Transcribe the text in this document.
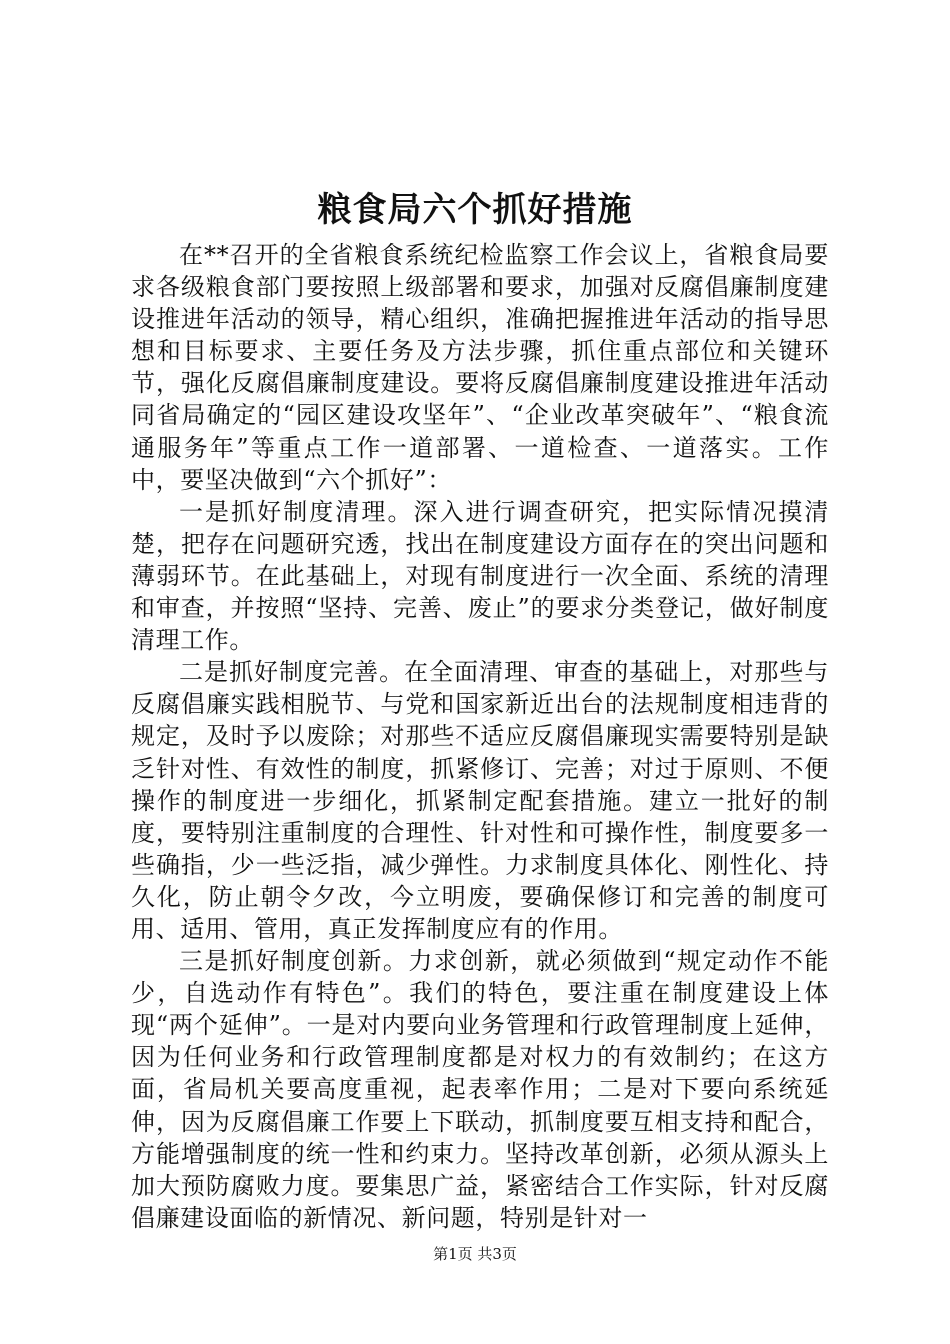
粮食局六个抓好措施

在**召开的全省粮食系统纪检监察工作会议上，省粮食局要求各级粮食部门要按照上级部署和要求，加强对反腐倡廉制度建设推进年活动的领导，精心组织，准确把握推进年活动的指导思想和目标要求、主要任务及方法步骤，抓住重点部位和关键环节，强化反腐倡廉制度建设。要将反腐倡廉制度建设推进年活动同省局确定的“园区建设攻坚年”、“企业改革突破年”、“粮食流通服务年”等重点工作一道部署、一道检查、一道落实。工作中，要坚决做到“六个抓好”：

一是抓好制度清理。深入进行调查研究，把实际情况摸清楚，把存在问题研究透，找出在制度建设方面存在的突出问题和薄弱环节。在此基础上，对现有制度进行一次全面、系统的清理和审查，并按照“坚持、完善、废止”的要求分类登记，做好制度清理工作。

二是抓好制度完善。在全面清理、审查的基础上，对那些与反腐倡廉实践相脱节、与党和国家新近出台的法规制度相违背的规定，及时予以废除；对那些不适应反腐倡廉现实需要特别是缺乏针对性、有效性的制度，抓紧修订、完善；对过于原则、不便操作的制度进一步细化，抓紧制定配套措施。建立一批好的制度，要特别注重制度的合理性、针对性和可操作性，制度要多一些确指，少一些泛指，减少弹性。力求制度具体化、刚性化、持久化，防止朝令夕改，今立明废，要确保修订和完善的制度可用、适用、管用，真正发挥制度应有的作用。

三是抓好制度创新。力求创新，就必须做到“规定动作不能少，自选动作有特色”。我们的特色，要注重在制度建设上体现“两个延伸”。一是对内要向业务管理和行政管理制度上延伸，因为任何业务和行政管理制度都是对权力的有效制约；在这方面，省局机关要高度重视，起表率作用；二是对下要向系统延伸，因为反腐倡廉工作要上下联动，抓制度要互相支持和配合，方能增强制度的统一性和约束力。坚持改革创新，必须从源头上加大预防腐败力度。要集思广益，紧密结合工作实际，针对反腐倡廉建设面临的新情况、新问题，特别是针对一

第1页 共3页
